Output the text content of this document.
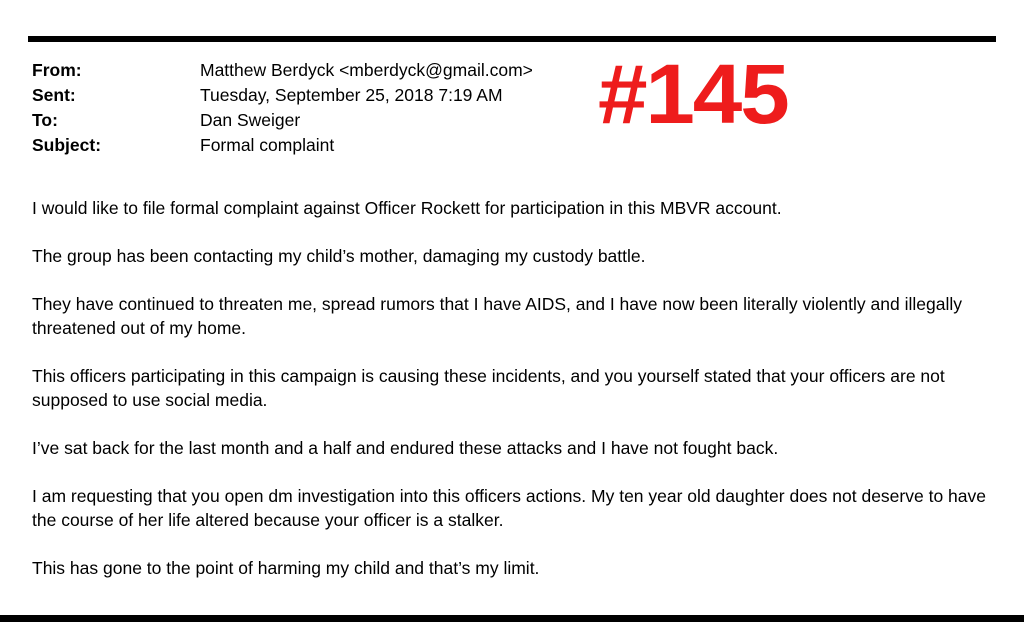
From:	Matthew Berdyck <mberdyck@gmail.com>
Sent:	Tuesday, September 25, 2018 7:19 AM
To:	Dan Sweiger
Subject:	Formal complaint
#145

I would like to file formal complaint against Officer Rockett for participation in this MBVR account.

The group has been contacting my child’s mother, damaging my custody battle.

They have continued to threaten me, spread rumors that I have AIDS, and I have now been literally violently and illegally threatened out of my home.

This officers participating in this campaign is causing these incidents, and you yourself stated that your officers are not supposed to use social media.

I’ve sat back for the last month and a half and endured these attacks and I have not fought back.

I am requesting that you open dm investigation into this officers actions. My ten year old daughter does not deserve to have the course of her life altered because your officer is a stalker.

This has gone to the point of harming my child and that’s my limit.
